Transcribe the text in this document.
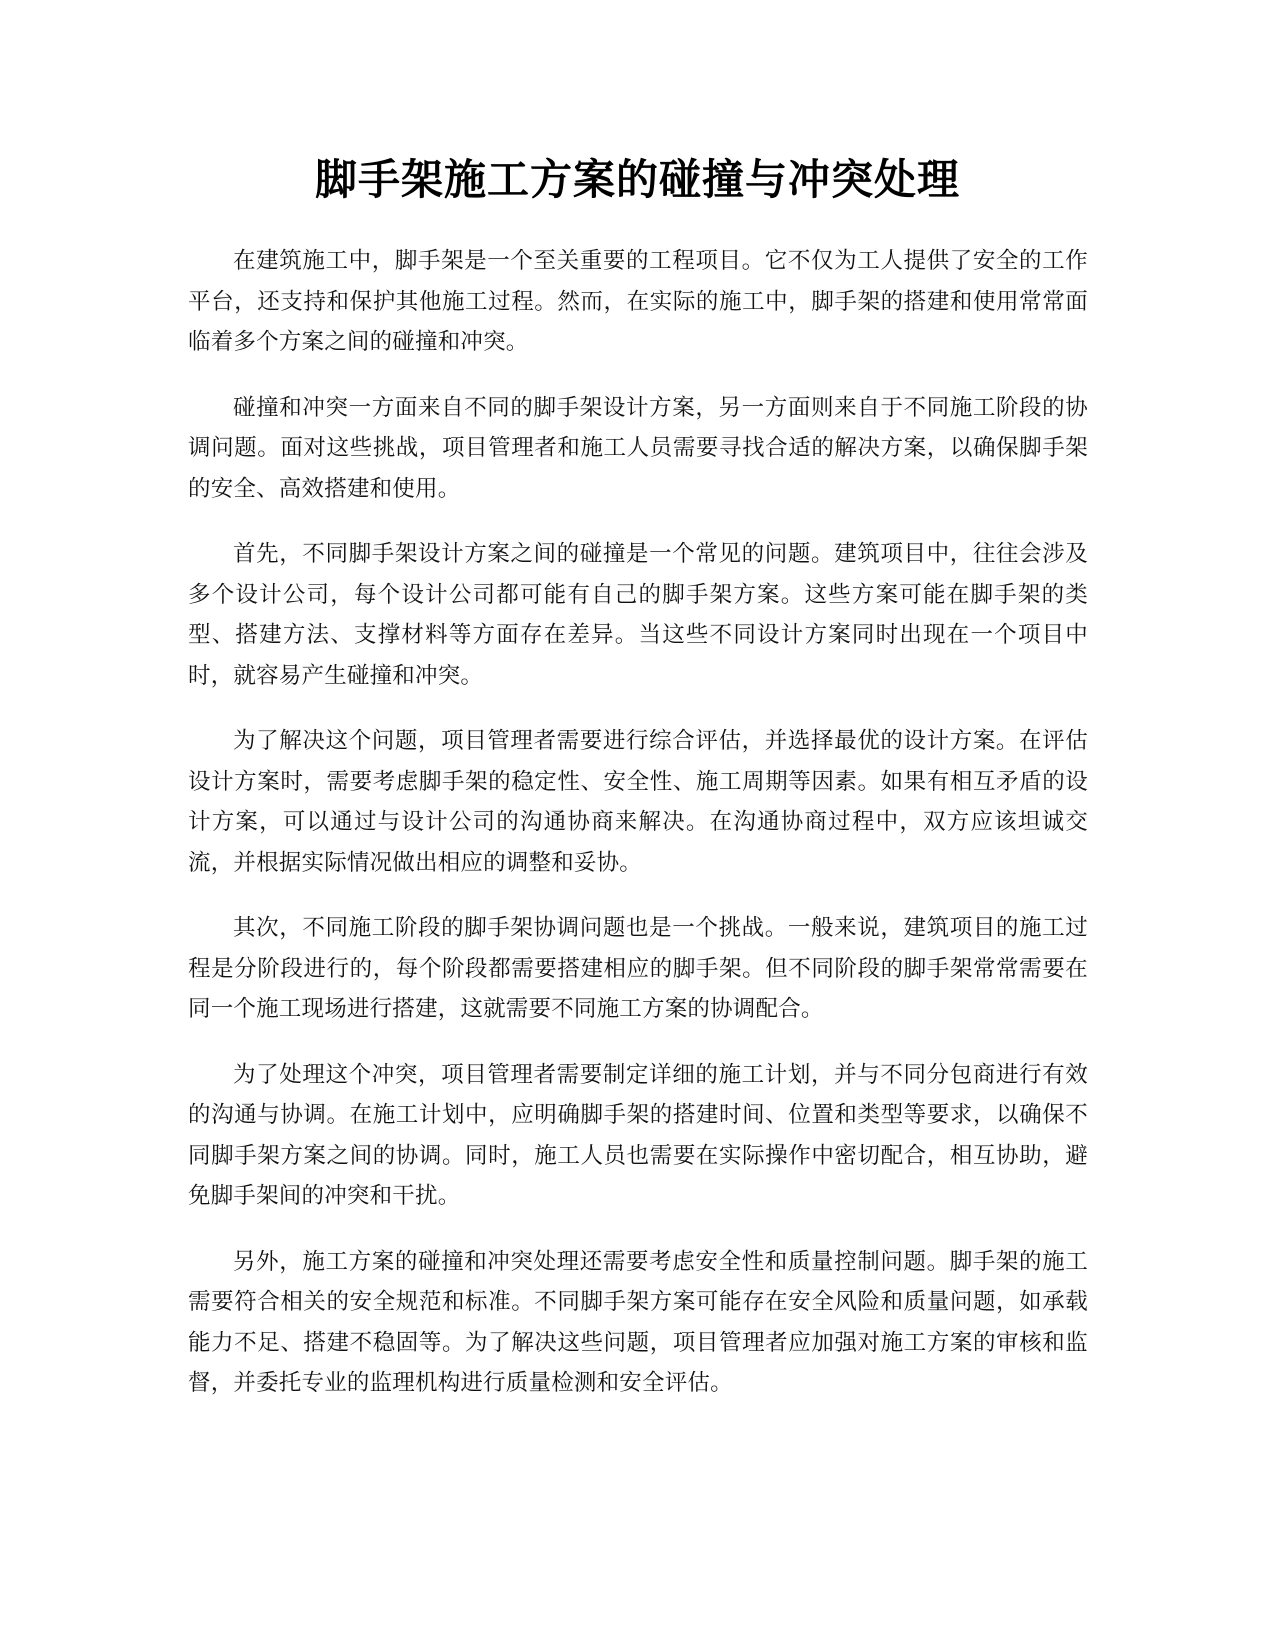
脚手架施工方案的碰撞与冲突处理

在建筑施工中，脚手架是一个至关重要的工程项目。它不仅为工人提供了安全的工作平台，还支持和保护其他施工过程。然而，在实际的施工中，脚手架的搭建和使用常常面临着多个方案之间的碰撞和冲突。

碰撞和冲突一方面来自不同的脚手架设计方案，另一方面则来自于不同施工阶段的协调问题。面对这些挑战，项目管理者和施工人员需要寻找合适的解决方案，以确保脚手架的安全、高效搭建和使用。

首先，不同脚手架设计方案之间的碰撞是一个常见的问题。建筑项目中，往往会涉及多个设计公司，每个设计公司都可能有自己的脚手架方案。这些方案可能在脚手架的类型、搭建方法、支撑材料等方面存在差异。当这些不同设计方案同时出现在一个项目中时，就容易产生碰撞和冲突。

为了解决这个问题，项目管理者需要进行综合评估，并选择最优的设计方案。在评估设计方案时，需要考虑脚手架的稳定性、安全性、施工周期等因素。如果有相互矛盾的设计方案，可以通过与设计公司的沟通协商来解决。在沟通协商过程中，双方应该坦诚交流，并根据实际情况做出相应的调整和妥协。

其次，不同施工阶段的脚手架协调问题也是一个挑战。一般来说，建筑项目的施工过程是分阶段进行的，每个阶段都需要搭建相应的脚手架。但不同阶段的脚手架常常需要在同一个施工现场进行搭建，这就需要不同施工方案的协调配合。

为了处理这个冲突，项目管理者需要制定详细的施工计划，并与不同分包商进行有效的沟通与协调。在施工计划中，应明确脚手架的搭建时间、位置和类型等要求，以确保不同脚手架方案之间的协调。同时，施工人员也需要在实际操作中密切配合，相互协助，避免脚手架间的冲突和干扰。

另外，施工方案的碰撞和冲突处理还需要考虑安全性和质量控制问题。脚手架的施工需要符合相关的安全规范和标准。不同脚手架方案可能存在安全风险和质量问题，如承载能力不足、搭建不稳固等。为了解决这些问题，项目管理者应加强对施工方案的审核和监督，并委托专业的监理机构进行质量检测和安全评估。
